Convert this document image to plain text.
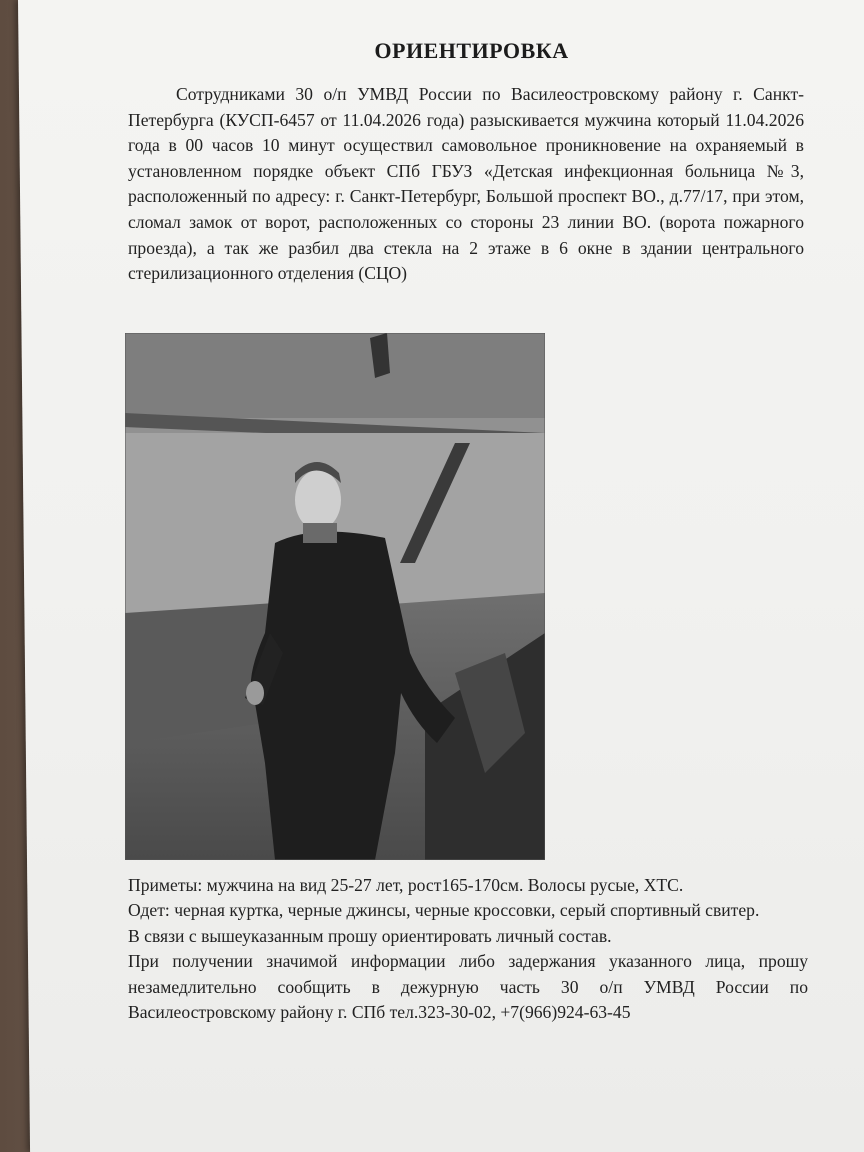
ОРИЕНТИРОВКА
Сотрудниками 30 о/п УМВД России по Василеостровскому району г. Санкт-Петербурга (КУСП-6457 от 11.04.2026 года) разыскивается мужчина который 11.04.2026 года в 00 часов 10 минут осуществил самовольное проникновение на охраняемый в установленном порядке объект СПб ГБУЗ «Детская инфекционная больница №3, расположенный по адресу: г. Санкт-Петербург, Большой проспект ВО., д.77/17, при этом, сломал замок от ворот, расположенных со стороны 23 линии ВО. (ворота пожарного проезда), а так же разбил два стекла на 2 этаже в 6 окне в здании центрального стерилизационного отделения (СЦО)

Приметы: мужчина на вид 25-27 лет, рост165-170см. Волосы русые, ХТС.

Одет: черная куртка, черные джинсы, черные кроссовки, серый спортивный свитер.

В связи с вышеуказанным прошу ориентировать личный состав.

При получении значимой информации либо задержания указанного лица, прошу незамедлительно сообщить в дежурную часть 30 о/п УМВД России по Василеостровскому району г. СПб тел.323-30-02, +7(966)924-63-45
